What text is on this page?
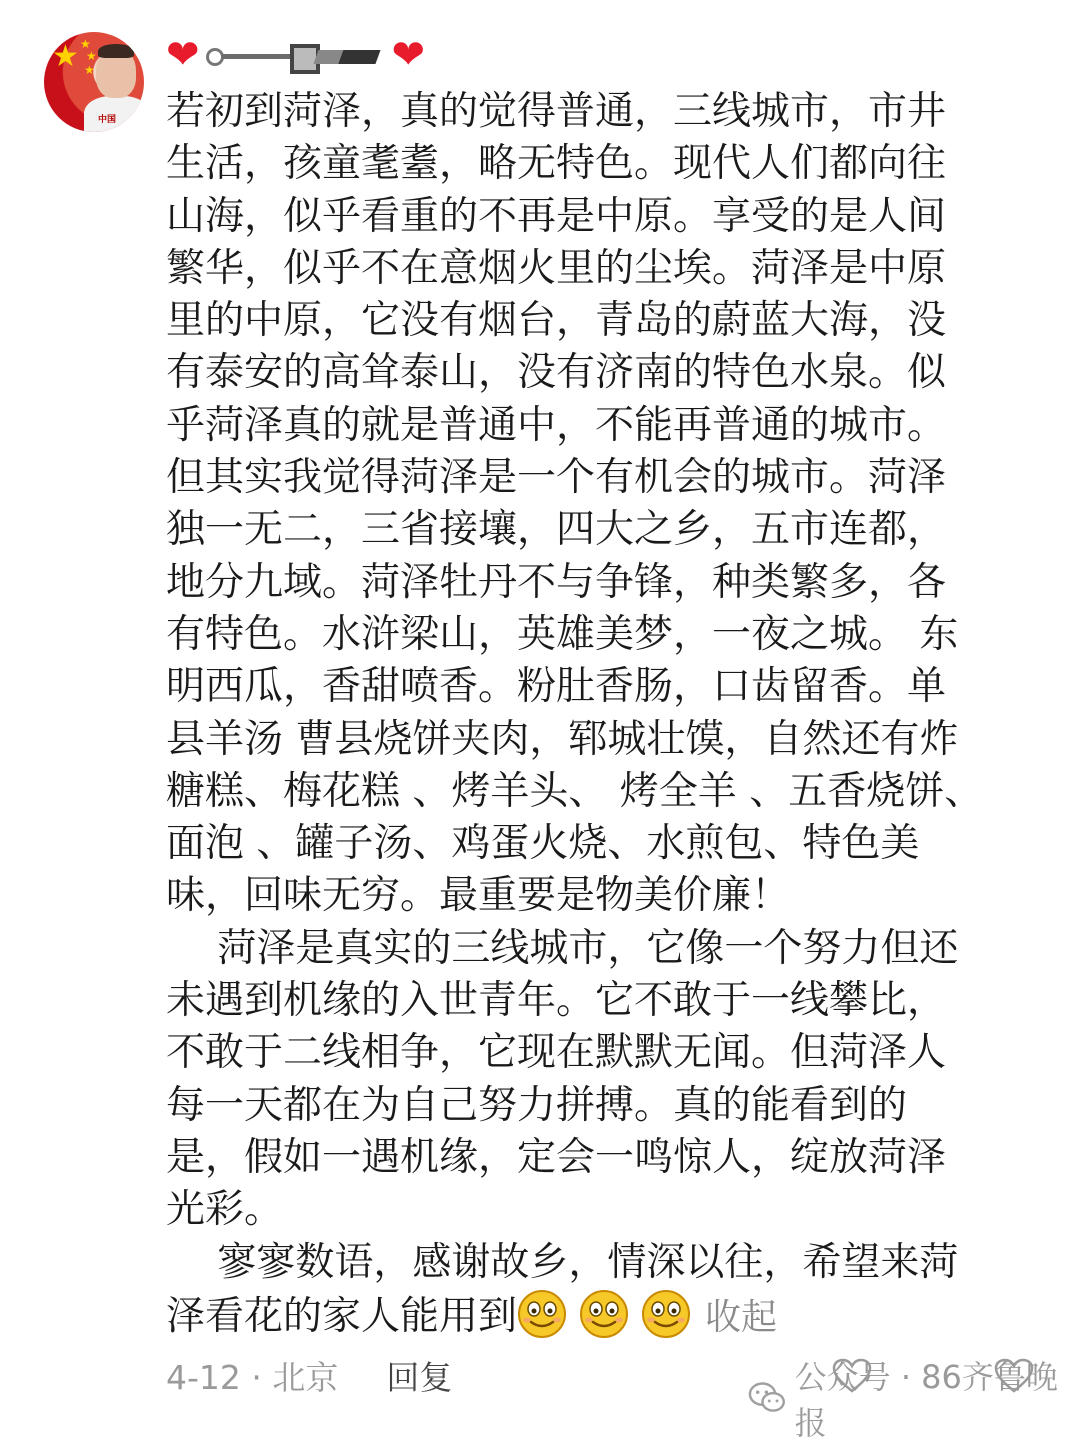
★ ★
★
★
中国
❤	❤

若初到菏泽，真的觉得普通，三线城市，市井
生活，孩童耄耋，略无特色。现代人们都向往
山海，似乎看重的不再是中原。享受的是人间
繁华，似乎不在意烟火里的尘埃。菏泽是中原
里的中原，它没有烟台，青岛的蔚蓝大海，没
有泰安的高耸泰山，没有济南的特色水泉。似
乎菏泽真的就是普通中，不能再普通的城市。
但其实我觉得菏泽是一个有机会的城市。菏泽
独一无二，三省接壤，四大之乡，五市连都，
地分九域。菏泽牡丹不与争锋，种类繁多，各
有特色。水浒梁山，英雄美梦，一夜之城。 东
明西瓜，香甜喷香。粉肚香肠，口齿留香。单
县羊汤 曹县烧饼夹肉，郓城壮馍，自然还有炸
糖糕、梅花糕 、烤羊头、 烤全羊 、五香烧饼、
面泡 、罐子汤、鸡蛋火烧、水煎包、特色美
味，回味无穷。最重要是物美价廉！

　 菏泽是真实的三线城市，它像一个努力但还
未遇到机缘的入世青年。它不敢于一线攀比，
不敢于二线相争，它现在默默无闻。但菏泽人
每一天都在为自己努力拼搏。真的能看到的
是，假如一遇机缘，定会一鸣惊人，绽放菏泽
光彩。

　 寥寥数语，感谢故乡，情深以往，希望来菏

泽看花的家人能用到	收起

4-12 · 北京 回复	公众号 · 86齐鲁晚报
